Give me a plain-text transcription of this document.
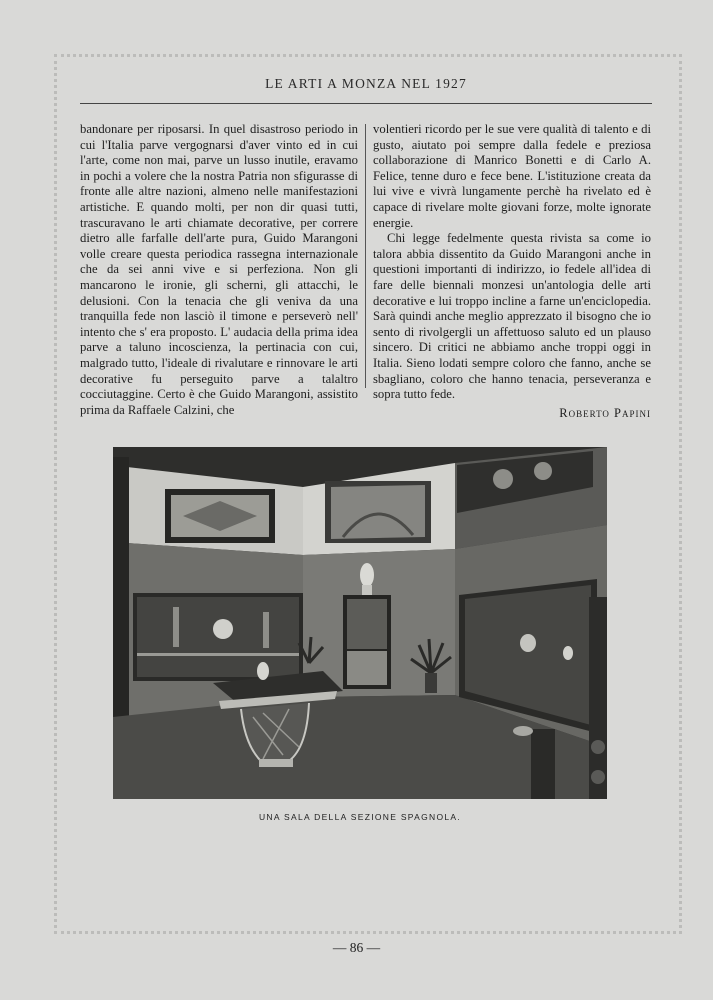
LE ARTI A MONZA NEL 1927

bandonare per riposarsi. In quel disastroso periodo in cui l'Italia parve vergognarsi d'aver vinto ed in cui l'arte, come non mai, parve un lusso inutile, eravamo in pochi a volere che la nostra Patria non sfigurasse di fronte alle altre nazioni, almeno nelle manifestazioni artistiche. E quando molti, per non dir quasi tutti, trascuravano le arti chiamate decorative, per correre dietro alle farfalle dell'arte pura, Guido Marangoni volle creare questa periodica rassegna internazionale che da sei anni vive e si perfeziona. Non gli mancarono le ironie, gli scherni, gli attacchi, le delusioni. Con la tenacia che gli veniva da una tranquilla fede non lasciò il timone e perseverò nell' intento che s' era proposto. L' audacia della prima idea parve a taluno incoscienza, la pertinacia con cui, malgrado tutto, l'ideale di rivalutare e rinnovare le arti decorative fu perseguito parve a talaltro cocciutaggine. Certo è che Guido Marangoni, assistito prima da Raffaele Calzini, che

volentieri ricordo per le sue vere qualità di talento e di gusto, aiutato poi sempre dalla fedele e preziosa collaborazione di Manrico Bonetti e di Carlo A. Felice, tenne duro e fece bene. L'istituzione creata da lui vive e vivrà lungamente perchè ha rivelato ed è capace di rivelare molte giovani forze, molte ignorate energie.

Chi legge fedelmente questa rivista sa come io talora abbia dissentito da Guido Marangoni anche in questioni importanti di indirizzo, io fedele all'idea di fare delle biennali monzesi un'antologia delle arti decorative e lui troppo incline a farne un'enciclopedia. Sarà quindi anche meglio apprezzato il bisogno che io sento di rivolgergli un affettuoso saluto ed un plauso sincero. Di critici ne abbiamo anche troppi oggi in Italia. Sieno lodati sempre coloro che fanno, anche se sbagliano, coloro che hanno tenacia, perseveranza e sopra tutto fede.

Roberto Papini
UNA SALA DELLA SEZIONE SPAGNOLA.
— 86 —
